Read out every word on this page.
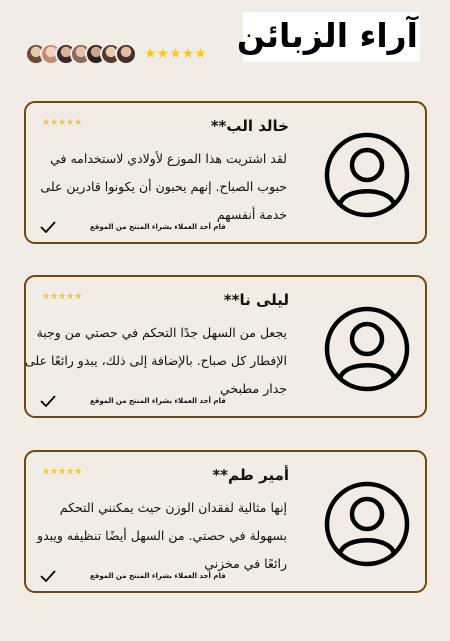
آراء الزبائن
★★★★★
خالد الب**
★★★★★
لقد اشتريت هذا الموزع لأولادي لاستخدامه في حبوب الصباح. إنهم يحبون أن يكونوا قادرين على خدمة أنفسهم
قام أحد العملاء بشراء المنتج من الموقع
ليلى نا**
★★★★★
يجعل من السهل جدًا التحكم في حصتي من وجبة الإفطار كل صباح. بالإضافة إلى ذلك، يبدو رائعًا على جدار مطبخي
قام أحد العملاء بشراء المنتج من الموقع
أمير طم**
★★★★★
إنها مثالية لفقدان الوزن حيث يمكنني التحكم بسهولة في حصتي. من السهل أيضًا تنظيفه ويبدو رائعًا في مخزني
قام أحد العملاء بشراء المنتج من الموقع
